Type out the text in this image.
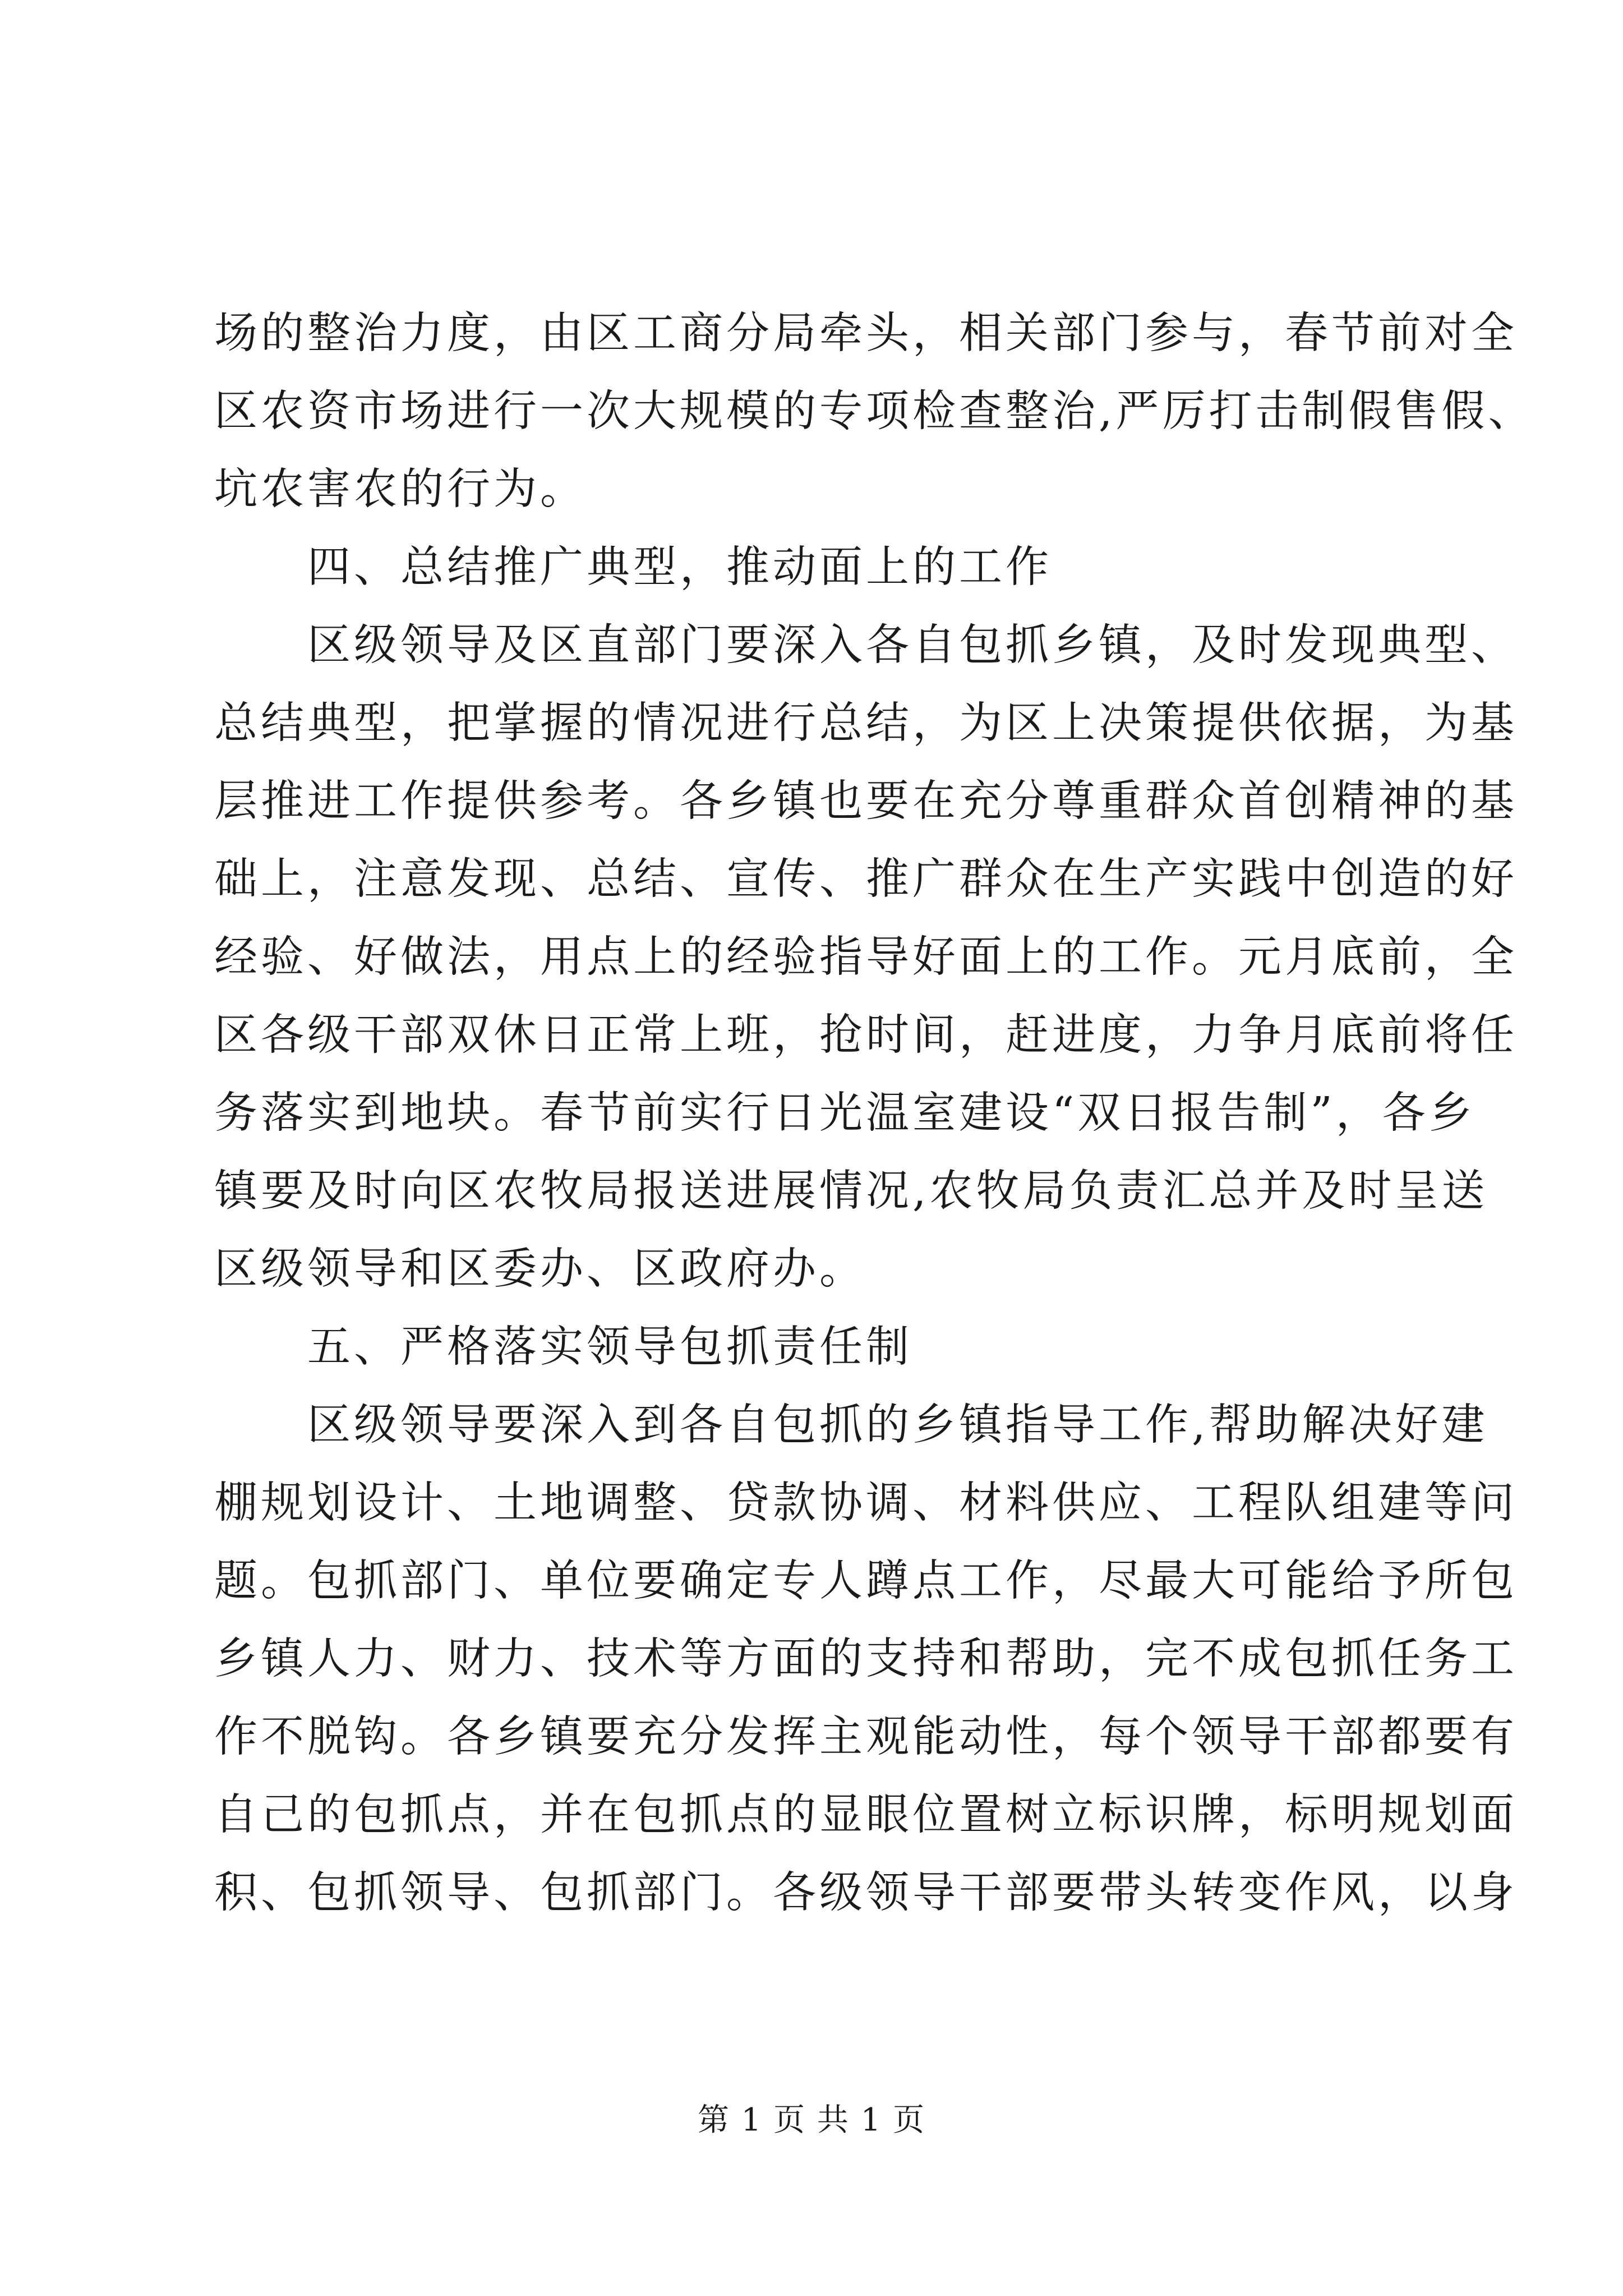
场的整治力度，由区工商分局牵头，相关部门参与，春节前对全
区农资市场进行一次大规模的专项检查整治,严厉打击制假售假、
坑农害农的行为。
　　四、总结推广典型，推动面上的工作
　　区级领导及区直部门要深入各自包抓乡镇，及时发现典型、
总结典型，把掌握的情况进行总结，为区上决策提供依据，为基
层推进工作提供参考。各乡镇也要在充分尊重群众首创精神的基
础上，注意发现、总结、宣传、推广群众在生产实践中创造的好
经验、好做法，用点上的经验指导好面上的工作。元月底前，全
区各级干部双休日正常上班，抢时间，赶进度，力争月底前将任
务落实到地块。春节前实行日光温室建设“双日报告制”，各乡
镇要及时向区农牧局报送进展情况,农牧局负责汇总并及时呈送
区级领导和区委办、区政府办。
　　五、严格落实领导包抓责任制
　　区级领导要深入到各自包抓的乡镇指导工作,帮助解决好建
棚规划设计、土地调整、贷款协调、材料供应、工程队组建等问
题。包抓部门、单位要确定专人蹲点工作，尽最大可能给予所包
乡镇人力、财力、技术等方面的支持和帮助，完不成包抓任务工
作不脱钩。各乡镇要充分发挥主观能动性，每个领导干部都要有
自己的包抓点，并在包抓点的显眼位置树立标识牌，标明规划面
积、包抓领导、包抓部门。各级领导干部要带头转变作风，以身
第 1 页 共 1 页
